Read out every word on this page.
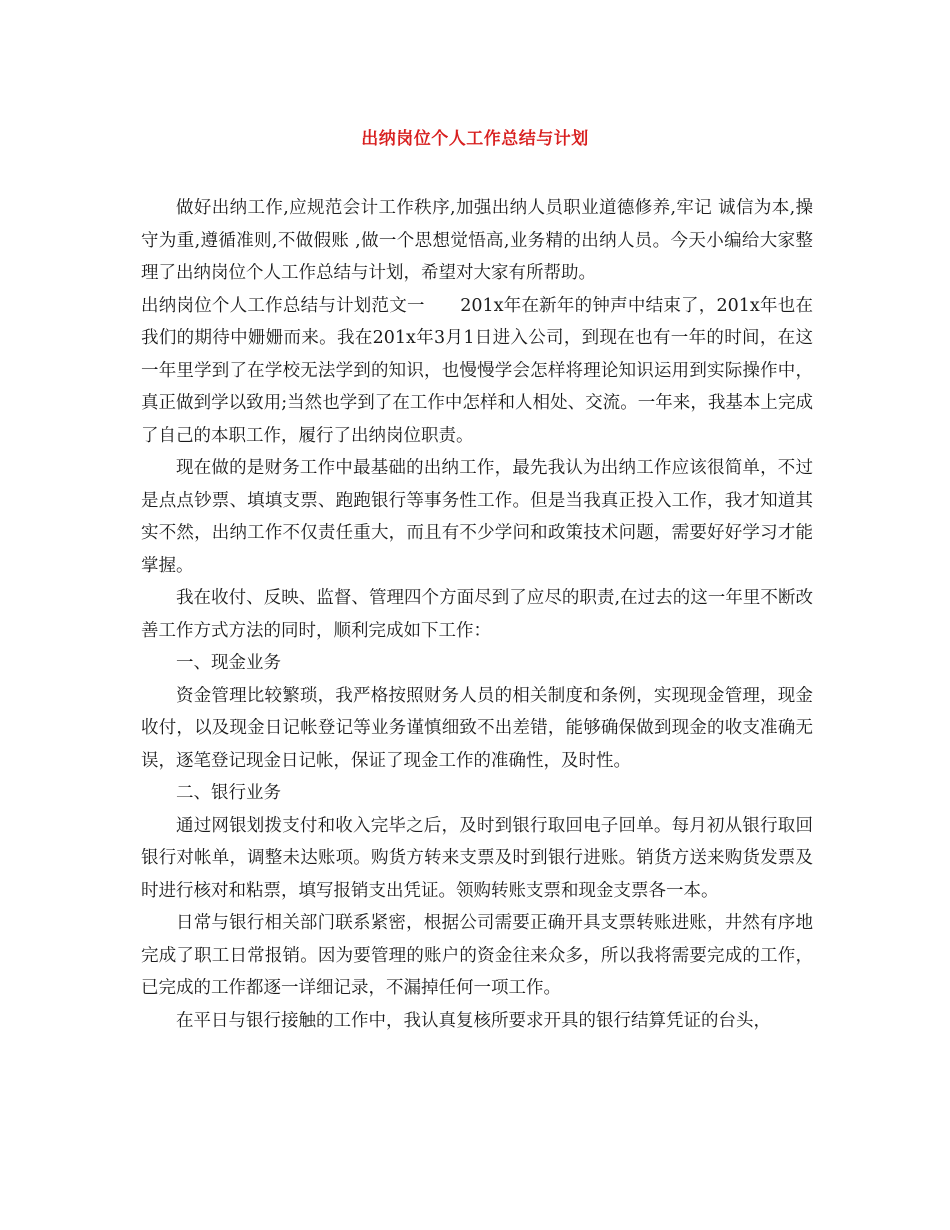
出纳岗位个人工作总结与计划

做好出纳工作,应规范会计工作秩序,加强出纳人员职业道德修养,牢记 诚信为本,操守为重,遵循准则,不做假账 ,做一个思想觉悟高,业务精的出纳人员。今天小编给大家整理了出纳岗位个人工作总结与计划，希望对大家有所帮助。

出纳岗位个人工作总结与计划范文一　　201x年在新年的钟声中结束了，201x年也在我们的期待中姗姗而来。我在201x年3月1日进入公司，到现在也有一年的时间，在这一年里学到了在学校无法学到的知识，也慢慢学会怎样将理论知识运用到实际操作中，真正做到学以致用;当然也学到了在工作中怎样和人相处、交流。一年来，我基本上完成了自己的本职工作，履行了出纳岗位职责。

现在做的是财务工作中最基础的出纳工作，最先我认为出纳工作应该很简单，不过是点点钞票、填填支票、跑跑银行等事务性工作。但是当我真正投入工作，我才知道其实不然，出纳工作不仅责任重大，而且有不少学问和政策技术问题，需要好好学习才能掌握。

我在收付、反映、监督、管理四个方面尽到了应尽的职责,在过去的这一年里不断改善工作方式方法的同时，顺利完成如下工作：

一、现金业务

资金管理比较繁琐，我严格按照财务人员的相关制度和条例，实现现金管理，现金收付，以及现金日记帐登记等业务谨慎细致不出差错，能够确保做到现金的收支准确无误，逐笔登记现金日记帐，保证了现金工作的准确性，及时性。

二、银行业务

通过网银划拨支付和收入完毕之后，及时到银行取回电子回单。每月初从银行取回银行对帐单，调整未达账项。购货方转来支票及时到银行进账。销货方送来购货发票及时进行核对和粘票，填写报销支出凭证。领购转账支票和现金支票各一本。

日常与银行相关部门联系紧密，根据公司需要正确开具支票转账进账，井然有序地完成了职工日常报销。因为要管理的账户的资金往来众多，所以我将需要完成的工作，已完成的工作都逐一详细记录，不漏掉任何一项工作。

在平日与银行接触的工作中，我认真复核所要求开具的银行结算凭证的台头，
